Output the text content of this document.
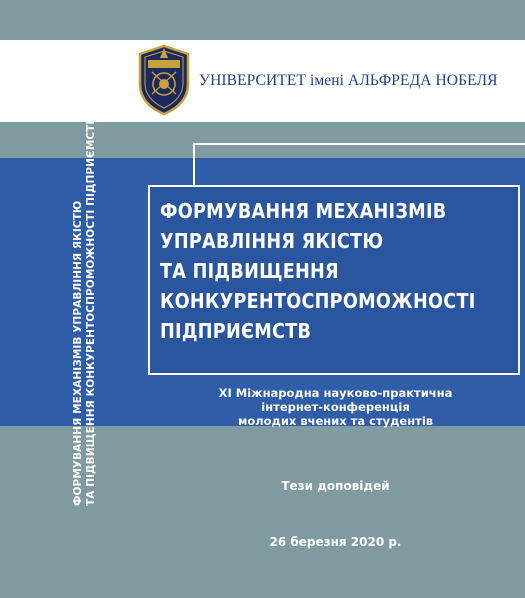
УНІВЕРСИТЕТ імені АЛЬФРЕДА НОБЕЛЯ
ФОРМУВАННЯ МЕХАНІЗМІВ
УПРАВЛІННЯ ЯКІСТЮ
ТА ПІДВИЩЕННЯ
КОНКУРЕНТОСПРОМОЖНОСТІ
ПІДПРИЄМСТВ
ФОРМУВАННЯ МЕХАНІЗМІВ УПРАВЛІННЯ ЯКІСТЮ ТА ПІДВИЩЕННЯ КОНКУРЕНТОСПРОМОЖНОСТІ ПІДПРИЄМСТВ	XI Міжнародна науково-практична
інтернет-конференція
молодих вчених та студентів
Тези доповідей
26 березня 2020 р.
